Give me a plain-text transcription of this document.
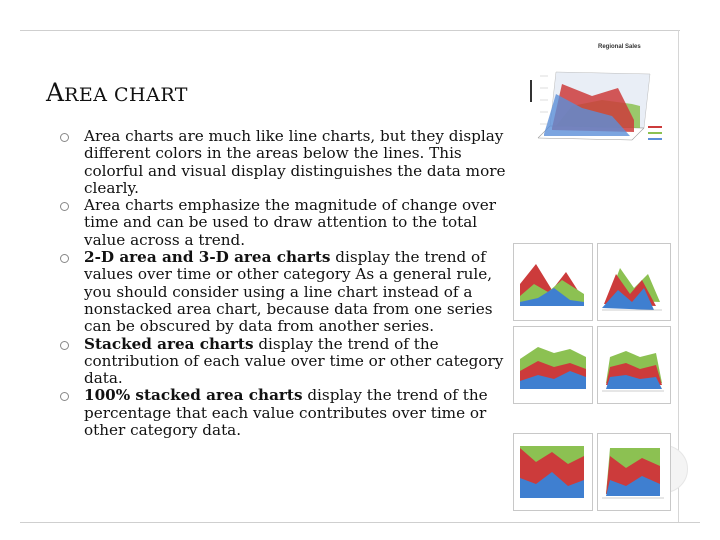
AREA CHART
Area charts are much like line charts, but they display different colors in the areas below the lines. This colorful and visual display distinguishes the data more clearly.
Area charts emphasize the magnitude of change over time and can be used to draw attention to the total value across a trend.
2-D area and 3-D area charts display the trend of values over time or other category As a general rule, you should consider using a line chart instead of a nonstacked area chart, because data from one series can be obscured by data from another series.
Stacked area charts display the trend of the contribution of each value over time or other category data.
100% stacked area charts display the trend of the percentage that each value contributes over time or other category data.
Regional Sales
